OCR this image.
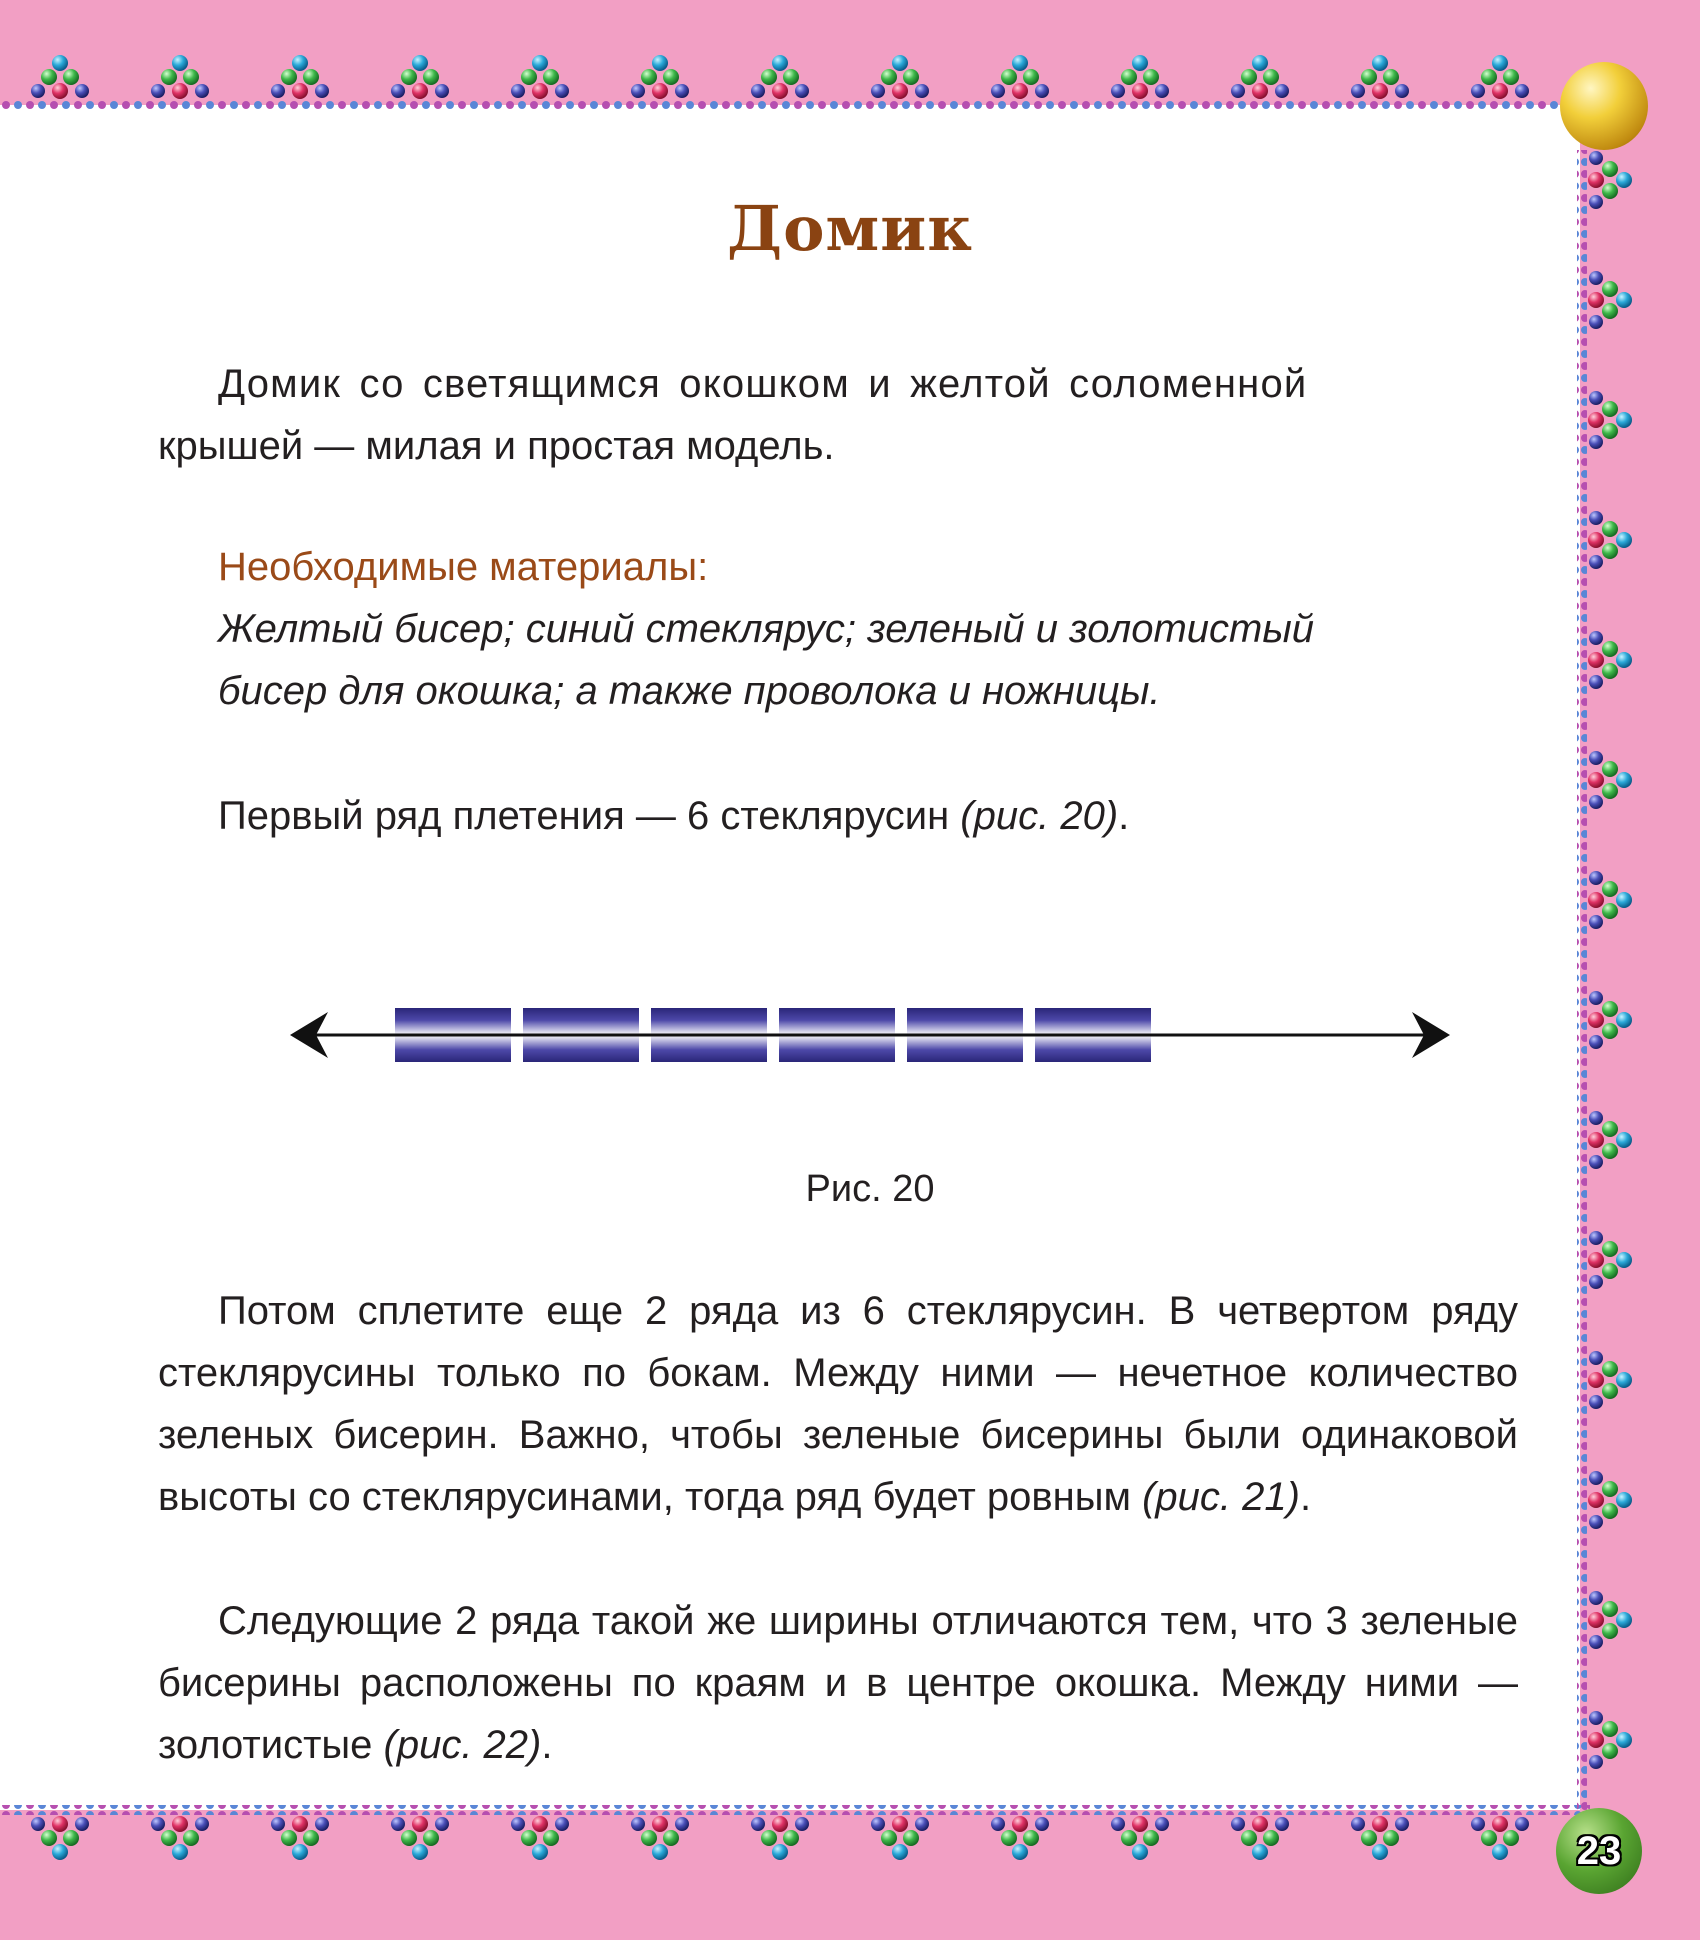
Домик
Домик со светящимся окошком и желтой соломенной
крышей — милая и простая модель.
Необходимые материалы:
Желтый бисер; синий стеклярус; зеленый и золотистый
бисер для окошка; а также проволока и ножницы.
Первый ряд плетения — 6 стеклярусин (рис. 20).
Рис. 20

Потом сплетите еще 2 ряда из 6 стеклярусин. В четвертом ряду стеклярусины только по бокам. Между ними — нечетное количество зеленых бисерин. Важно, чтобы зеленые бисерины были одинаковой высоты со стеклярусинами, тогда ряд будет ровным (рис. 21).

Следующие 2 ряда такой же ширины отличаются тем, что 3 зеленые бисерины расположены по краям и в центре окошка. Между ними — золотистые (рис. 22).

23
